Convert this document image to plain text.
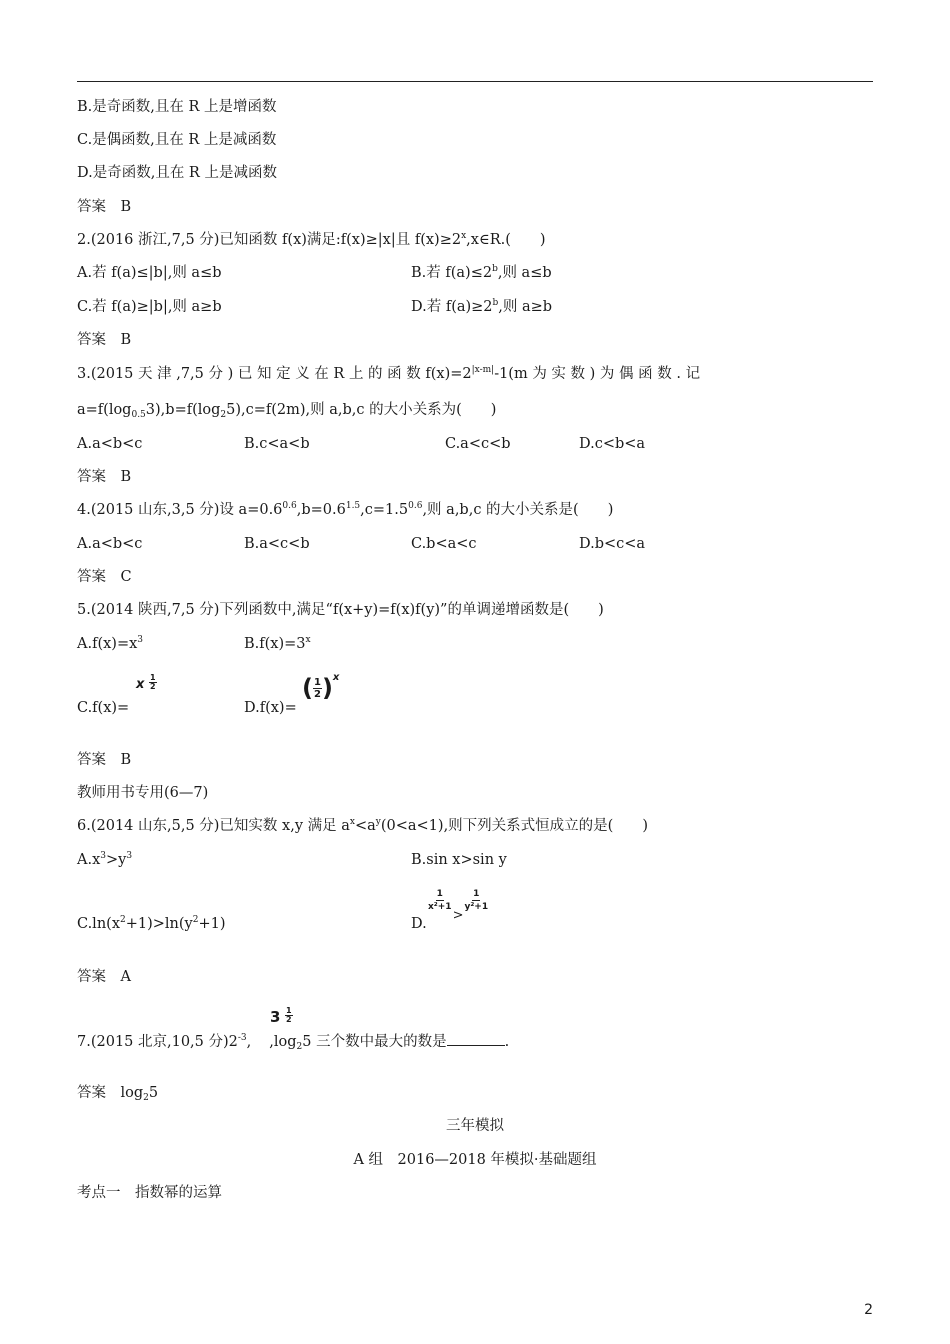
B.是奇函数,且在 R 上是增函数
C.是偶函数,且在 R 上是减函数
D.是奇函数,且在 R 上是减函数
答案　 B
2.(2016 浙江,7,5 分)已知函数 f(x)满足:f(x)≥|x|且 $f(x)\ge 2^x,x\in R$.(　　)
A.若 f(a)≤|b|,则 a≤b	B.若 $f(a)\le 2^b$,则 a≤b
C.若 f(a)≥|b|,则 a≥b	D.若 $f(a)\ge 2^b$,则 a≥b
答案　 B
3.(2015 天 津 ,7,5 分 ) 已 知 定 义 在 R 上 的 函 数 $f(x)=2^{|x-m|}-1(m$ 为 实 数 ) 为 偶 函 数 . 记
$a=f(\log_{0.5}3),b=f(\log_25),c=f(2m)$,则 a,b,c 的大小关系为(　　)
A.a<b<c	B.c<a<b	C.a<c<b	D.c<b<a
答案　 B
4.(2015 山东,3,5 分)设 $a=0.6^{0.6},b=0.6^{1.5},c=1.5^{0.6}$,则 a,b,c 的大小关系是(　　)
A.a<b<c	B.a<c<b	C.b<a<c	D.b<c<a
答案　 C
5.(2014 陕西,7,5 分)下列函数中,满足“f(x+y)=f(x)f(y)”的单调递增函数是(　　)
$A.f(x)=x^3$	$B.f(x)=3^x$
C.f(x)=
x $\frac{1}{2}$
D.f(x)=
( $\frac{1}{2} )^x$
答案　 B
教师用书专用(6—7)
6.(2014 山东,5,5 分)已知实数 x,y 满足 $a^x<a^y(0<a<1)$,则下列关系式恒成立的是(　　)
$A.x^3>y^3$	B.sin x>sin y
$C.\ln(x^2+1)>\ln(y^2+1)$	D.
$\frac{1}{\text{x²+1}}$
>
$\frac{1}{\text{y²+1}}$
答案　 A
7.(2015 北京,10,5 分)$2^{-3}$, $,\log_25$ 三个数中最大的数是	.
$3 \frac{1}{2}$
答案　 $\log_25$
三年模拟
A 组　2016—2018 年模拟·基础题组
考点一　指数幂的运算
2
